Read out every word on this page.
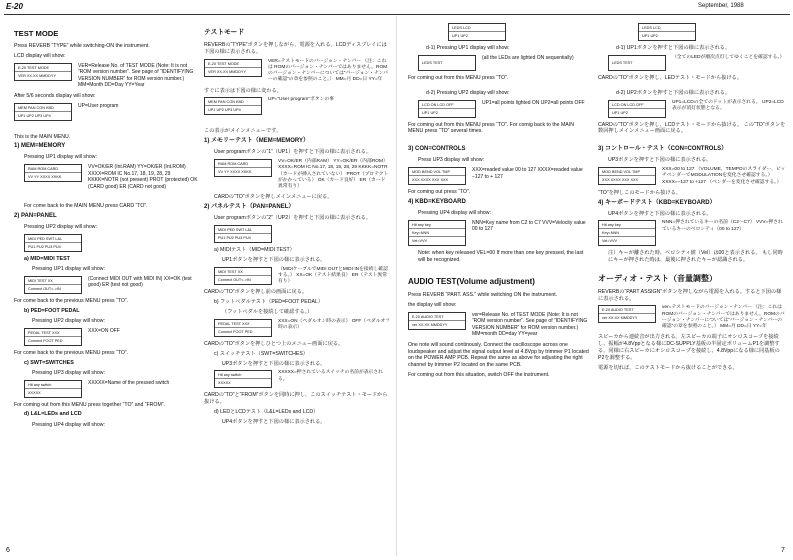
E-20	September, 1988
6	7
TEST MODE
Press REVERB “TYPE” while switching-ON the instrument.
LCD display will show:
E-20 TEST MODE
VER XX.XX MMDDYY
VER=Release No. of TEST MODE (Note: It is not “ROM version number”. See page of “IDENTIFYING VERSION NUMBER” for ROM version number.) MM=Month DD=Day YY=Year
After 5/6 seconds display will show:
MEM PAN CON KBD
UP1 UP2 UP3 UP4
UP=User program
This is the MAIN MENU.
1) MEM=MEMORY
Pressing UP1 display will show:
RAM ROM CARD
VV YY XXXX XKKK
VV=OK/ER (Int.RAM) YY=OK/ER (Int.ROM) XXXX=ROM IC No.17, 18, 19, 28, 29 KKKK=NOTR (not present) PROT (protected) OK (CARD good) ER (CARD not good)
For come back to the MAIN MENU press CARD “TO”.
2) PAN=PANEL
Pressing UP2 display will show:
MIDI PED SWT L&L
PU1 PU2 PU3 PU4
a) MID=MIDI TEST
Pressing UP1 display will show:
MIDI TEST XX
Connect OUT<->IN
(Connect MIDI OUT with MIDI IN) XX=OK (test good) ER (test not good)
For come back to the previous MENU press “TO”.
b) PED=FOOT PEDAL
Pressing UP2 display will show:
PEDAL TEST XXX
Connect FOOT PED
XXX=ON OFF
For come back to the previous MENU press “TO”.
c) SWT=SWITCHES
Pressing UP3 display will show:
Hit any switch
XXXXX
XXXXX=Name of the pressed switch
For coming out from this MENU press together “TO” and “FROM”.
d) L&L=LEDs and LCD
Pressing UP4 display will show:
テストモード
REVERBの“TYPE”ボタンを押しながら、電源を入れる。LCDディスプレイには下図の様に表示される。
E-20 TEST MODE
VER XX.XX MMDDYY
VER=テストモードのバージョン・ナンバー （注：これは ROMのバージョン・ナンバーではありません。ROMのバージョン・ナンバーについては“バージョン・ナンバーの確認”の章を参照のこと。） MM=月 DD=日 YY=年
すぐに表示は下図の様に変わる。
MEM PAN CON KBD
UP1 UP2 UP3 UP4
UP=“User program”ボタンの事
この表示がメインメニューです。
1) メモリーテスト（MEM=MEMORY）
User programボタンの“1”（UP1）を押すと下図の様に表示される。
RAM ROM CARD
VV YY XXXX XKKK
VV=OK/ER（内部RAM） YY=OK/ER（内部ROM） XXXX=ROM IC No.17, 18, 19, 28, 29 KKKK=NOTR（カードが挿入されていない） PROT（プロテクトがかかっている） OK（カード良好） ER（カード異常有り）
CARDの“TO”ボタンを押しメインメニューに戻る。
2) パネルテスト（PAN=PANEL）
User programボタンの“2”（UP2）を押すと下図の様に表示される。
MIDI PED SWT L&L
PU1 PU2 PU3 PU4
a) MIDIテスト（MID=MIDI TEST）
UP1ボタンを押すと下図の様に表示される。
MIDI TEST XX
Connect OUT<->IN
（MIDIケーブルでMIDI OUTとMIDI INを接続し確認する。） XX=OK（テスト結果良） ER（テスト異常有り）
CARDの“TO”ボタンを押し前の画面に戻る。
b) フットペダルテスト（PED=FOOT PEDAL）
（フットペダルを接続して確認する。）
PEDAL TEST XXX
Connect FOOT PED
XXX=ON（ペダルオン時の表示） OFF（ペダルオフ時の表示）
CARDの“TO”ボタンを押しひとつ上のメニュー画面に戻る。
c) スイッチテスト（SWT=SWITCHES）
UP3ボタンを押すと下図の様に表示される。
Hit any switch
XXXXX
XXXXX=押されているスイッチの名前が表示される。
CARDの“TO”と“FROM”ボタンを同時に押し、このスイッチテスト・モードから抜ける。
d) LEDとLCDテスト（L&L=LEDs and LCD）
UP4ボタンを押すと下図の様に表示される。
LEDS LCD
UP1 UP2
d-1) Pressing UP1 display will show:
LEDS TEST
(all the LEDs are lighted ON sequentially)
For coming out from this MENU press “TO”.
d-2) Pressing UP2 display will show:
LCD ON LCD OFF
UP1 UP2
UP1=all points lighted ON UP2=all points OFF
For coming out from this MENU press “TO”. For comig back to the MAIN MENU press “TO” several times.
3) CON=CONTROLS
Press UP3 display will show:
MOD BEND VOL TMP
XXX XXXX XXX XXX
XXX=readed value 00 to 127 XXXX=readed value −127 to + 127
For coming out press “TO”.
4) KBD=KEYBOARD
Pressing UP4 display will show:
Hit any key
Key=NNN
Vel=VVV
NNN=Key name from C2 to C7 VVV=Velocity value 00 to 127
Note: when key released VEL=00 If more than one key pressed, the last will be recognized.
AUDIO TEST(Volume adjustment)
Press REVERB “PART. ASS.” while switching ON the instrument.
the display will show:
E-20 AUDIO TEST
ver XX.XX MMDDYY
ver=Release No. of TEST MODE (Note: It is not “ROM version number”. See page of “IDENTIFYING VERSION NUMBER” for ROM version number.) MM=month DD=day YY=year
One note will sound continously. Connect the oscilloscope across one loudspeaker and adjust the signal output level at 4.8Vpp by trimmer P1 located on the POWER AMP PCB. Repeat the same as above for adjusting the right channel by trimmer P2 located on the same PCB.
For coming out from this situation, switch OFF the instrument.
LEDS LCD
UP1 UP2
d-1) UP1ボタンを押すと下図の様に表示される。
LEDS TEST
（全てのLEDが順次点灯してゆくことを確認する。）
CARDの“TO”ボタンを押し、LEDテスト・モードから抜ける。
d-2) UP2ボタンを押すと下図の様に表示される。
LCD ON LCD OFF
UP1 UP2
UP1=LCDの全てのドットが表示される。 UP2=LCD表示が消灯状態となる。
CARDの“TO”ボタンを押し、LCDテスト・モードから抜ける。 この“TO”ボタンを数回押しメインメニュー画面に戻る。
3) コントロール・テスト（CON=CONTROLS）
UP3ボタンを押すと下図の様に表示される。
MOD BEND VOL TMP
XXX XXXX XXX XXX
XXX=00 to 127 （VOLUME、TEMPOのスライダー、ピッチベンダーでMODULATIONを変化させ確認する。） XXXX=−127 to +127 （ベンダーを変化させ確認する。）
“TO”を押しこのモードから抜ける。
4) キーボードテスト（KBD=KEYBOARD）
UP4ボタンを押すと下図の様に表示される。
Hit any key
Key=NNN
Vel=VVV
NNN=押されているキーの名前（C2〜C7） VVV=押されているキーのベロシティ（00 to 127）
注）キーが離された時、ベロシティ値（Vel）は00と表示される。 もし同時にキーが押された時は、最後に押されたキーが認識される。
オーディオ・テスト（音量調整）
REVERBの“PART ASSIGN”ボタンを押しながら電源を入れる。すると下図の様に表示される。
E-20 AUDIO TEST
ver XX.XX MMDDYY
ver=テストモードのバージョン・ナンバー （注：これは ROMのバージョン・ナンバーではありません。ROMのバージョン・ナンバーについては“バージョン・ナンバーの確認”の章を参照のこと。） MM=月 DD=日 YY=年
スピーカから連続音が出力される。左スピーカの端子にオシロスコープを接続し、振幅が4.8Vppとなる様にDC-SUPPLY基板の半固定ボリュームP1を調整する。同様に右スピーカにオシロスコープを接続し、4.8Vppになる様に同基板のP2を調整する。
電源を切れば、このテストモードから抜けることができる。
